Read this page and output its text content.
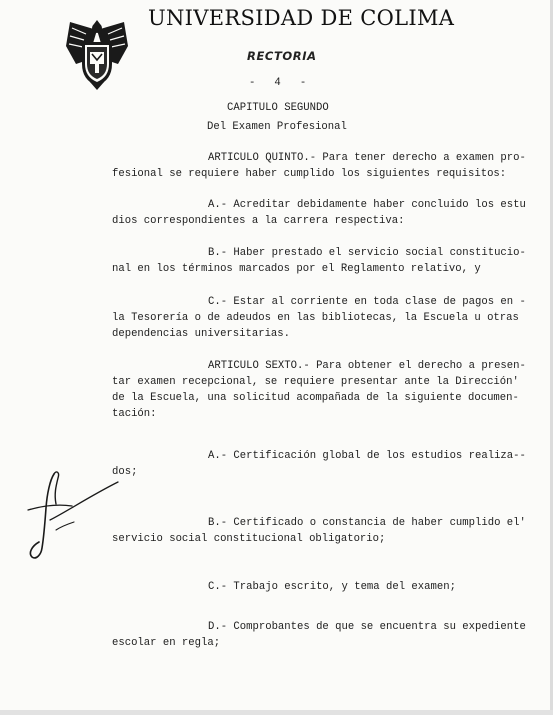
UNIVERSIDAD DE COLIMA
RECTORIA
-   4   -
CAPITULO SEGUNDO
Del Examen Profesional
ARTICULO QUINTO.- Para tener derecho a examen pro-
fesional se requiere haber cumplido los siguientes requisitos:
A.- Acreditar debidamente haber concluido los estu
dios correspondientes a la carrera respectiva:
B.- Haber prestado el servicio social constitucio-
nal en los términos marcados por el Reglamento relativo, y
C.- Estar al corriente en toda clase de pagos en -
la Tesorería o de adeudos en las bibliotecas, la Escuela u otras
dependencias universitarias.
ARTICULO SEXTO.- Para obtener el derecho a presen-
tar examen recepcional, se requiere presentar ante la Dirección'
de la Escuela, una solicitud acompañada de la siguiente documen-
tación:
A.- Certificación global de los estudios realiza--
dos;
B.- Certificado o constancia de haber cumplido el'
servicio social constitucional obligatorio;
C.- Trabajo escrito, y tema del examen;
D.- Comprobantes de que se encuentra su expediente
escolar en regla;
